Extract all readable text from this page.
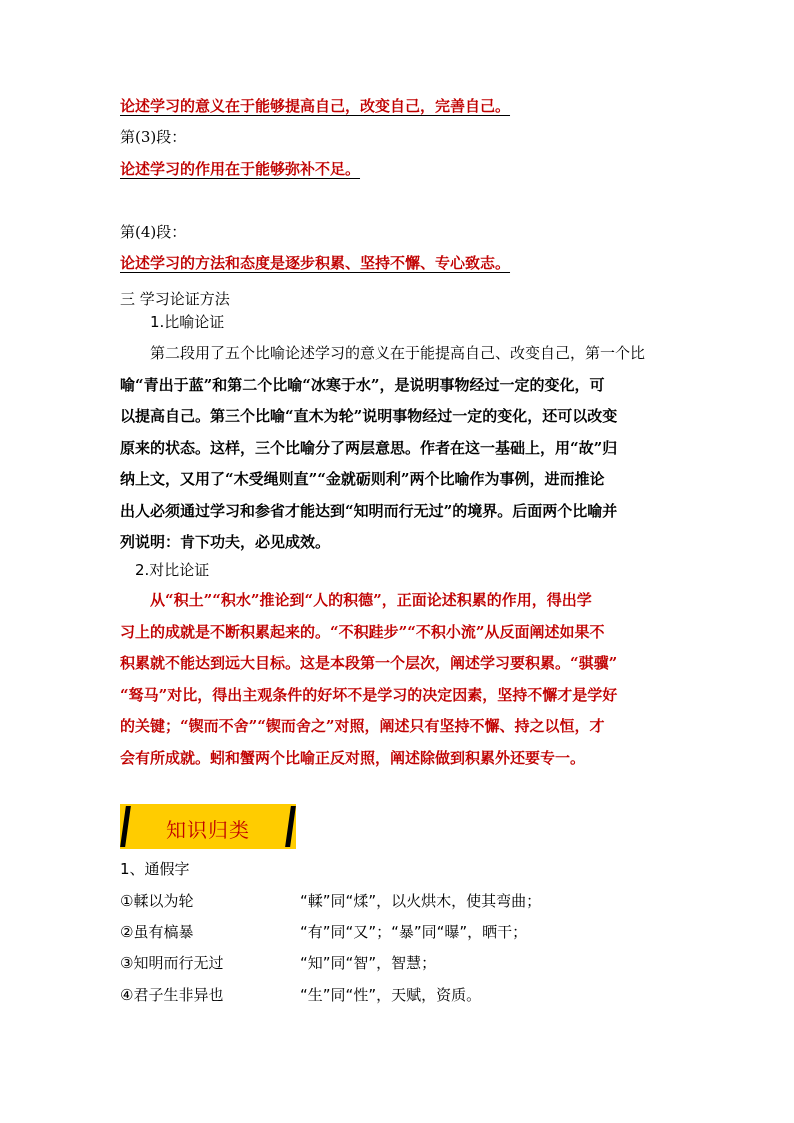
论述学习的意义在于能够提高自己，改变自己，完善自己。
第(3)段：
论述学习的作用在于能够弥补不足。
第(4)段：
论述学习的方法和态度是逐步积累、坚持不懈、专心致志。
三 学习论证方法
1.比喻论证
第二段用了五个比喻论述学习的意义在于能提高自己、改变自己，第一个比
喻“青出于蓝”和第二个比喻“冰寒于水”，是说明事物经过一定的变化，可
以提高自己。第三个比喻“直木为轮”说明事物经过一定的变化，还可以改变
原来的状态。这样，三个比喻分了两层意思。作者在这一基础上，用“故”归
纳上文，又用了“木受绳则直”“金就砺则利”两个比喻作为事例，进而推论
出人必须通过学习和参省才能达到“知明而行无过”的境界。后面两个比喻并
列说明：肯下功夫，必见成效。
2.对比论证
从“积土”“积水”推论到“人的积德”，正面论述积累的作用，得出学
习上的成就是不断积累起来的。“不积跬步”“不积小流”从反面阐述如果不
积累就不能达到远大目标。这是本段第一个层次，阐述学习要积累。“骐骥”
“驽马”对比，得出主观条件的好坏不是学习的决定因素，坚持不懈才是学好
的关键；“锲而不舍”“锲而舍之”对照，阐述只有坚持不懈、持之以恒，才
会有所成就。蚓和蟹两个比喻正反对照，阐述除做到积累外还要专一。
知识归类
1、通假字
①輮以为轮	“輮”同“煣”，以火烘木，使其弯曲；
②虽有槁暴	“有”同“又”；“暴”同“曝”，晒干；
③知明而行无过	“知”同“智”，智慧；
④君子生非异也	“生”同“性”，天赋，资质。
